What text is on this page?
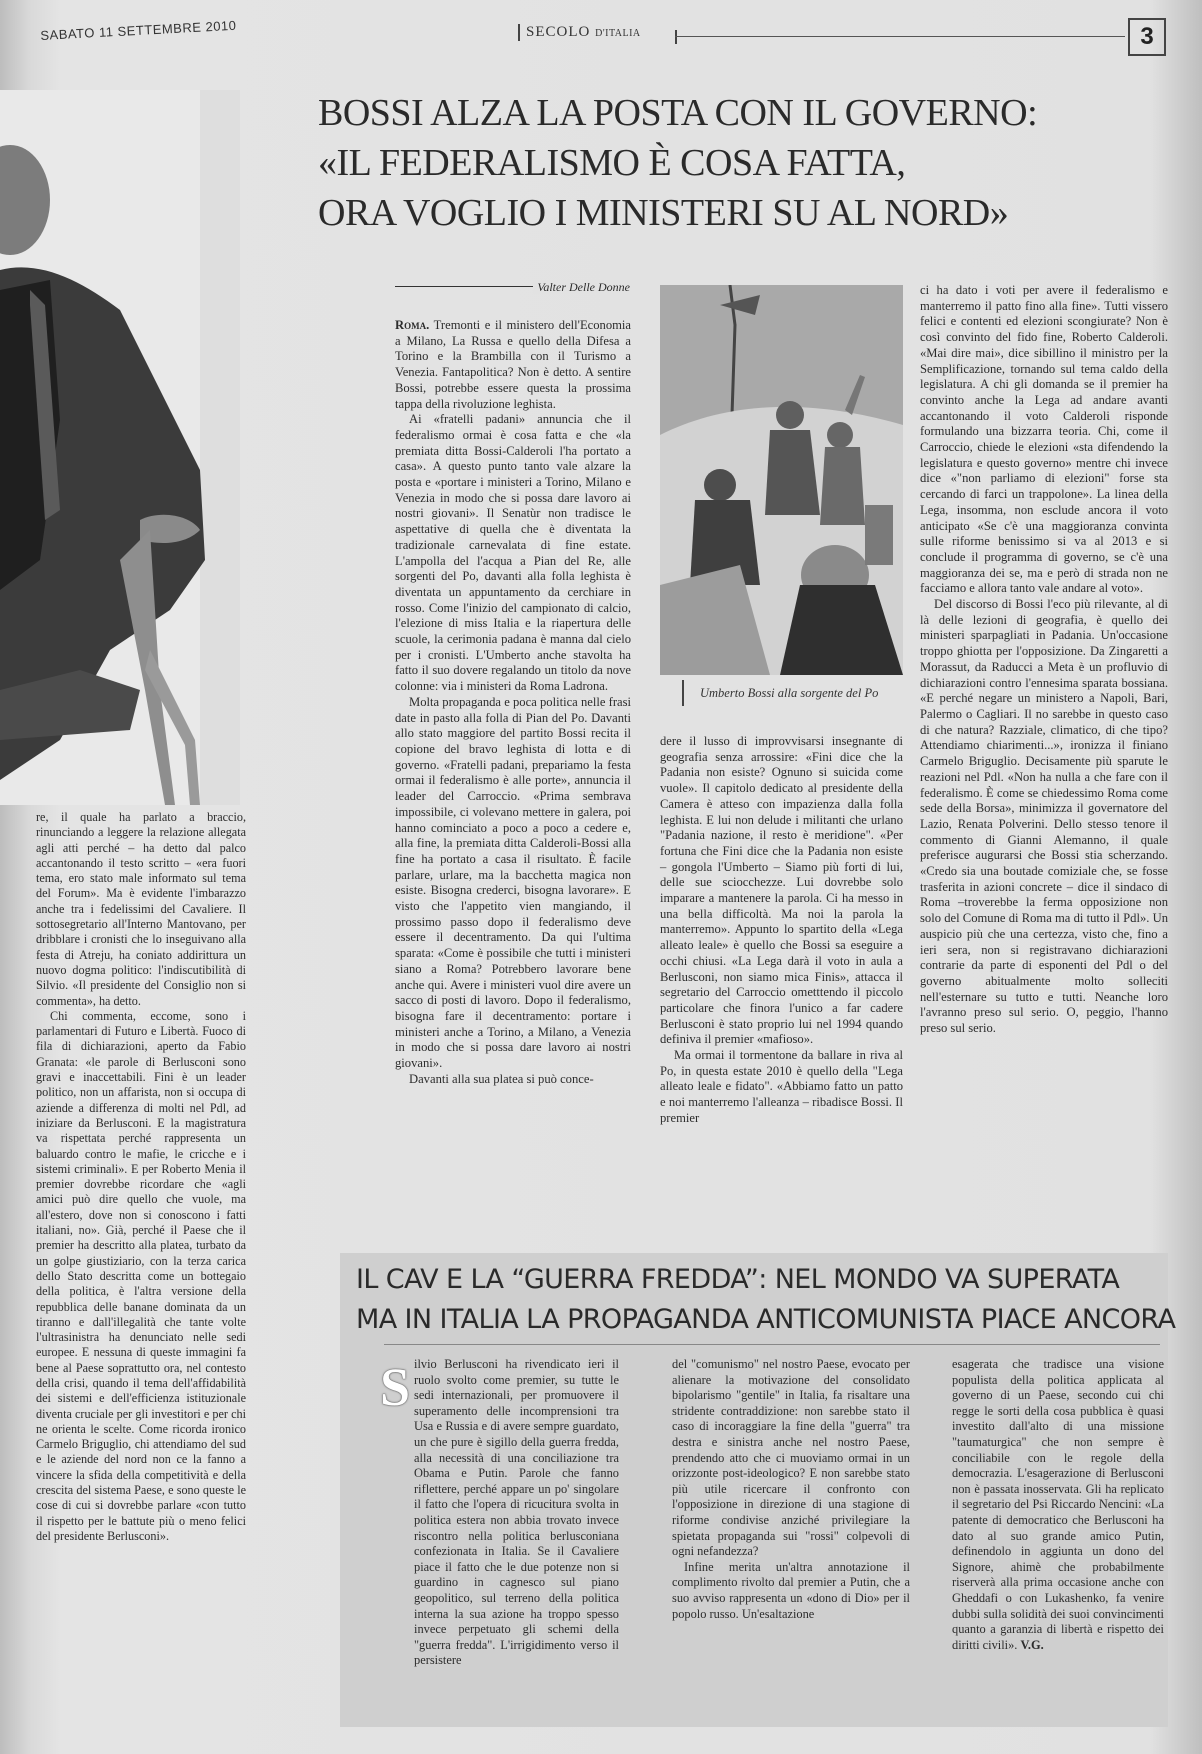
SABATO 11 SETTEMBRE 2010	SECOLO D'ITALIA	3
BOSSI ALZA LA POSTA CON IL GOVERNO:
«IL FEDERALISMO È COSA FATTA,
ORA VOGLIO I MINISTERI SU AL NORD»
Valter Delle Donne

Roma. Tremonti e il ministero dell'Economia a Milano, La Russa e quello della Difesa a Torino e la Brambilla con il Turismo a Venezia. Fantapolitica? Non è detto. A sentire Bossi, potrebbe essere questa la prossima tappa della rivoluzione leghista.

Ai «fratelli padani» annuncia che il federalismo ormai è cosa fatta e che «la premiata ditta Bossi-Calderoli l'ha portato a casa». A questo punto tanto vale alzare la posta e «portare i ministeri a Torino, Milano e Venezia in modo che si possa dare lavoro ai nostri giovani». Il Senatùr non tradisce le aspettative di quella che è diventata la tradizionale carnevalata di fine estate. L'ampolla del l'acqua a Pian del Re, alle sorgenti del Po, davanti alla folla leghista è diventata un appuntamento da cerchiare in rosso. Come l'inizio del campionato di calcio, l'elezione di miss Italia e la riapertura delle scuole, la cerimonia padana è manna dal cielo per i cronisti. L'Umberto anche stavolta ha fatto il suo dovere regalando un titolo da nove colonne: via i ministeri da Roma Ladrona.

Molta propaganda e poca politica nelle frasi date in pasto alla folla di Pian del Po. Davanti allo stato maggiore del partito Bossi recita il copione del bravo leghista di lotta e di governo. «Fratelli padani, prepariamo la festa ormai il federalismo è alle porte», annuncia il leader del Carroccio. «Prima sembrava impossibile, ci volevano mettere in galera, poi hanno cominciato a poco a poco a cedere e, alla fine, la premiata ditta Calderoli-Bossi alla fine ha portato a casa il risultato. È facile parlare, urlare, ma la bacchetta magica non esiste. Bisogna crederci, bisogna lavorare». E visto che l'appetito vien mangiando, il prossimo passo dopo il federalismo deve essere il decentramento. Da qui l'ultima sparata: «Come è possibile che tutti i ministeri siano a Roma? Potrebbero lavorare bene anche qui. Avere i ministeri vuol dire avere un sacco di posti di lavoro. Dopo il federalismo, bisogna fare il decentramento: portare i ministeri anche a Torino, a Milano, a Venezia in modo che si possa dare lavoro ai nostri giovani».

Davanti alla sua platea si può conce-

Umberto Bossi alla sorgente del Po

dere il lusso di improvvisarsi insegnante di geografia senza arrossire: «Fini dice che la Padania non esiste? Ognuno si suicida come vuole». Il capitolo dedicato al presidente della Camera è atteso con impazienza dalla folla leghista. E lui non delude i militanti che urlano "Padania nazione, il resto è meridione". «Per fortuna che Fini dice che la Padania non esiste – gongola l'Umberto – Siamo più forti di lui, delle sue sciocchezze. Lui dovrebbe solo imparare a mantenere la parola. Ci ha messo in una bella difficoltà. Ma noi la parola la manterremo». Appunto lo spartito della «Lega alleato leale» è quello che Bossi sa eseguire a occhi chiusi. «La Lega darà il voto in aula a Berlusconi, non siamo mica Finis», attacca il segretario del Carroccio ometttendo il piccolo particolare che finora l'unico a far cadere Berlusconi è stato proprio lui nel 1994 quando definiva il premier «mafioso».

Ma ormai il tormentone da ballare in riva al Po, in questa estate 2010 è quello della "Lega alleato leale e fidato". «Abbiamo fatto un patto e noi manterremo l'alleanza – ribadisce Bossi. Il premier

ci ha dato i voti per avere il federalismo e manterremo il patto fino alla fine». Tutti vissero felici e contenti ed elezioni scongiurate? Non è così convinto del fido fine, Roberto Calderoli. «Mai dire mai», dice sibillino il ministro per la Semplificazione, tornando sul tema caldo della legislatura. A chi gli domanda se il premier ha convinto anche la Lega ad andare avanti accantonando il voto Calderoli risponde formulando una bizzarra teoria. Chi, come il Carroccio, chiede le elezioni «sta difendendo la legislatura e questo governo» mentre chi invece dice «"non parliamo di elezioni" forse sta cercando di farci un trappolone». La linea della Lega, insomma, non esclude ancora il voto anticipato «Se c'è una maggioranza convinta sulle riforme benissimo si va al 2013 e si conclude il programma di governo, se c'è una maggioranza dei se, ma e però di strada non ne facciamo e allora tanto vale andare al voto».

Del discorso di Bossi l'eco più rilevante, al di là delle lezioni di geografia, è quello dei ministeri sparpagliati in Padania. Un'occasione troppo ghiotta per l'opposizione. Da Zingaretti a Morassut, da Raducci a Meta è un profluvio di dichiarazioni contro l'ennesima sparata bossiana. «E perché negare un ministero a Napoli, Bari, Palermo o Cagliari. Il no sarebbe in questo caso di che natura? Razziale, climatico, di che tipo? Attendiamo chiarimenti...», ironizza il finiano Carmelo Briguglio. Decisamente più sparute le reazioni nel Pdl. «Non ha nulla a che fare con il federalismo. È come se chiedessimo Roma come sede della Borsa», minimizza il governatore del Lazio, Renata Polverini. Dello stesso tenore il commento di Gianni Alemanno, il quale preferisce augurarsi che Bossi stia scherzando. «Credo sia una boutade comiziale che, se fosse trasferita in azioni concrete – dice il sindaco di Roma –troverebbe la ferma opposizione non solo del Comune di Roma ma di tutto il Pdl». Un auspicio più che una certezza, visto che, fino a ieri sera, non si registravano dichiarazioni contrarie da parte di esponenti del Pdl o del governo abitualmente molto solleciti nell'esternare su tutto e tutti. Neanche loro l'avranno preso sul serio. O, peggio, l'hanno preso sul serio.

re, il quale ha parlato a braccio, rinunciando a leggere la relazione allegata agli atti perché – ha detto dal palco accantonando il testo scritto – «era fuori tema, ero stato male informato sul tema del Forum». Ma è evidente l'imbarazzo anche tra i fedelissimi del Cavaliere. Il sottosegretario all'Interno Mantovano, per dribblare i cronisti che lo inseguivano alla festa di Atreju, ha coniato addirittura un nuovo dogma politico: l'indiscutibilità di Silvio. «Il presidente del Consiglio non si commenta», ha detto.

Chi commenta, eccome, sono i parlamentari di Futuro e Libertà. Fuoco di fila di dichiarazioni, aperto da Fabio Granata: «le parole di Berlusconi sono gravi e inaccettabili. Fini è un leader politico, non un affarista, non si occupa di aziende a differenza di molti nel Pdl, ad iniziare da Berlusconi. E la magistratura va rispettata perché rappresenta un baluardo contro le mafie, le cricche e i sistemi criminali». E per Roberto Menia il premier dovrebbe ricordare che «agli amici può dire quello che vuole, ma all'estero, dove non si conoscono i fatti italiani, no». Già, perché il Paese che il premier ha descritto alla platea, turbato da un golpe giustiziario, con la terza carica dello Stato descritta come un bottegaio della politica, è l'altra versione della repubblica delle banane dominata da un tiranno e dall'illegalità che tante volte l'ultrasinistra ha denunciato nelle sedi europee. E nessuna di queste immagini fa bene al Paese soprattutto ora, nel contesto della crisi, quando il tema dell'affidabilità dei sistemi e dell'efficienza istituzionale diventa cruciale per gli investitori e per chi ne orienta le scelte. Come ricorda ironico Carmelo Briguglio, chi attendiamo del sud e le aziende del nord non ce la fanno a vincere la sfida della competitività e della crescita del sistema Paese, e sono queste le cose di cui si dovrebbe parlare «con tutto il rispetto per le battute più o meno felici del presidente Berlusconi».

IL CAV E LA “GUERRA FREDDA”: NEL MONDO VA SUPERATA
MA IN ITALIA LA PROPAGANDA ANTICOMUNISTA PIACE ANCORA
S ilvio Berlusconi ha rivendicato ieri il ruolo svolto come premier, su tutte le sedi internazionali, per promuovere il superamento delle incomprensioni tra Usa e Russia e di avere sempre guardato, un che pure è sigillo della guerra fredda, alla necessità di una conciliazione tra Obama e Putin. Parole che fanno riflettere, perché appare un po' singolare il fatto che l'opera di ricucitura svolta in politica estera non abbia trovato invece riscontro nella politica berlusconiana confezionata in Italia. Se il Cavaliere piace il fatto che le due potenze non si guardino in cagnesco sul piano geopolitico, sul terreno della politica interna la sua azione ha troppo spesso invece perpetuato gli schemi della "guerra fredda". L'irrigidimento verso il persistere

del "comunismo" nel nostro Paese, evocato per alienare la motivazione del consolidato bipolarismo "gentile" in Italia, fa risaltare una stridente contraddizione: non sarebbe stato il caso di incoraggiare la fine della "guerra" tra destra e sinistra anche nel nostro Paese, prendendo atto che ci muoviamo ormai in un orizzonte post-ideologico? E non sarebbe stato più utile ricercare il confronto con l'opposizione in direzione di una stagione di riforme condivise anziché privilegiare la spietata propaganda sui "rossi" colpevoli di ogni nefandezza?

Infine merita un'altra annotazione il complimento rivolto dal premier a Putin, che a suo avviso rappresenta un «dono di Dio» per il popolo russo. Un'esaltazione

esagerata che tradisce una visione populista della politica applicata al governo di un Paese, secondo cui chi regge le sorti della cosa pubblica è quasi investito dall'alto di una missione "taumaturgica" che non sempre è conciliabile con le regole della democrazia. L'esagerazione di Berlusconi non è passata inosservata. Gli ha replicato il segretario del Psi Riccardo Nencini: «La patente di democratico che Berlusconi ha dato al suo grande amico Putin, definendolo in aggiunta un dono del Signore, ahimè che probabilmente riserverà alla prima occasione anche con Gheddafi o con Lukashenko, fa venire dubbi sulla solidità dei suoi convincimenti quanto a garanzia di libertà e rispetto dei diritti civili». V.G.
